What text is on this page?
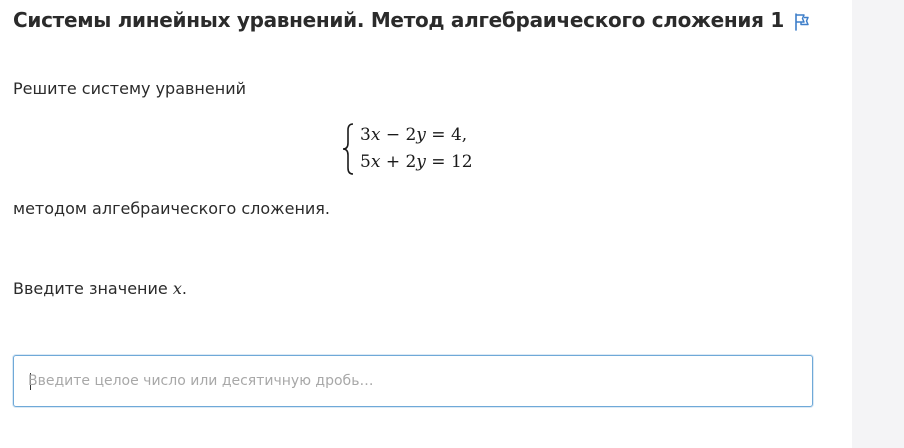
Системы линейных уравнений. Метод алгебраического сложения 1
Решите систему уравнений
3x − 2y = 4,
5x + 2y = 12
методом алгебраического сложения.
Введите значение x.
Введите целое число или десятичную дробь…
